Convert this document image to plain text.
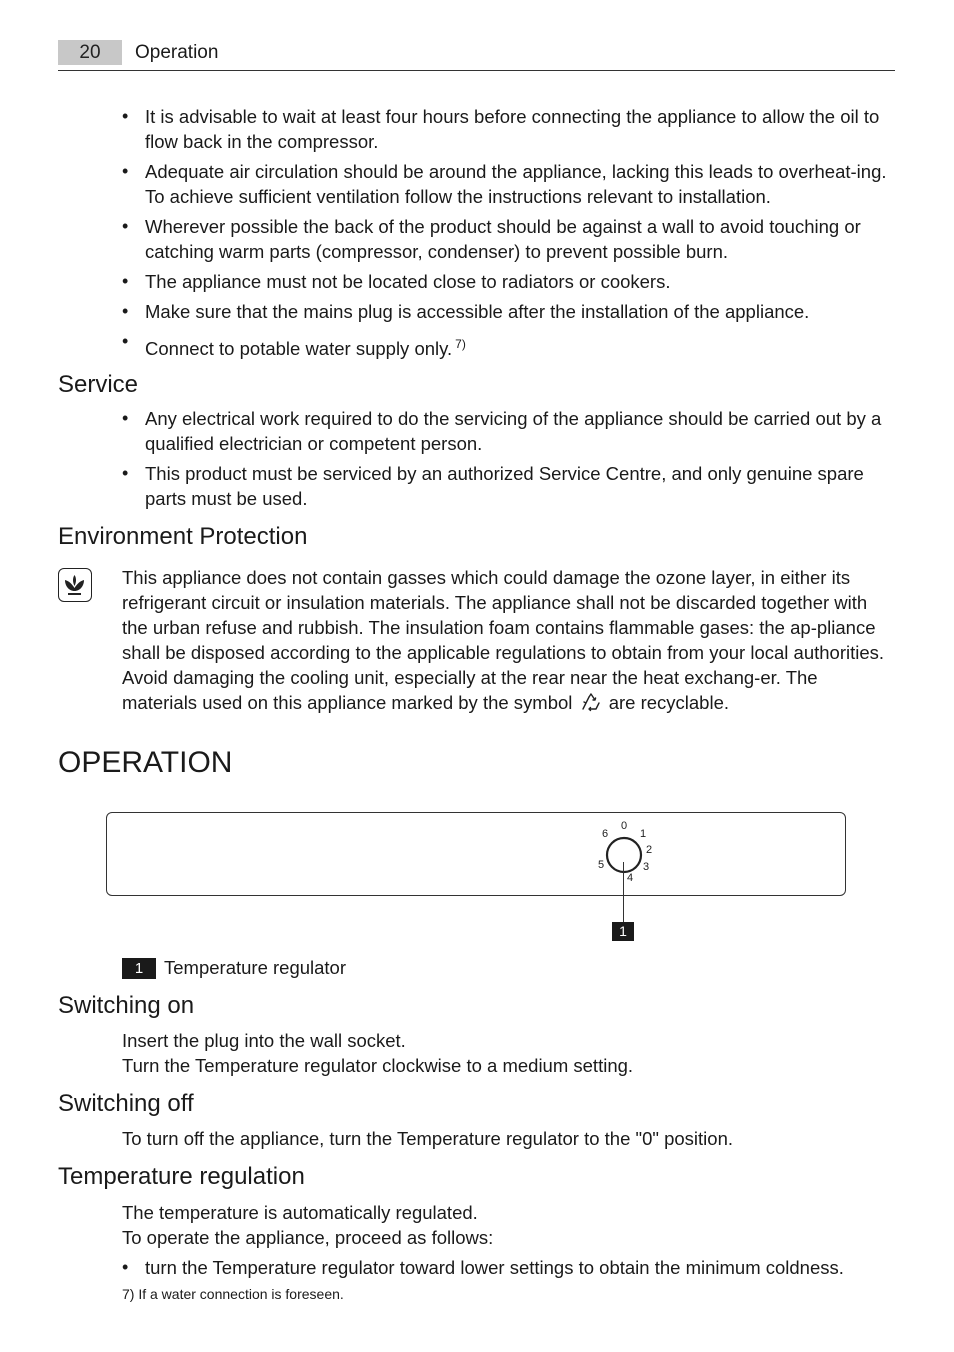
20	Operation
• It is advisable to wait at least four hours before connecting the appliance to allow the oil to flow back in the compressor.
• Adequate air circulation should be around the appliance, lacking this leads to overheat-ing. To achieve sufficient ventilation follow the instructions relevant to installation.
• Wherever possible the back of the product should be against a wall to avoid touching or catching warm parts (compressor, condenser) to prevent possible burn.
• The appliance must not be located close to radiators or cookers.
• Make sure that the mains plug is accessible after the installation of the appliance.
• Connect to potable water supply only. $^{7)}$
Service
• Any electrical work required to do the servicing of the appliance should be carried out by a qualified electrician or competent person.
• This product must be serviced by an authorized Service Centre, and only genuine spare parts must be used.
Environment Protection

This appliance does not contain gasses which could damage the ozone layer, in either its refrigerant circuit or insulation materials. The appliance shall not be discarded together with the urban refuse and rubbish. The insulation foam contains flammable gases: the ap-pliance shall be disposed according to the applicable regulations to obtain from your local authorities. Avoid damaging the cooling unit, especially at the rear near the heat exchang-er. The materials used on this appliance marked by the symbol are recyclable.

OPERATION
0
1
2
3
4
5
6
1
1	Temperature regulator
Switching on

Insert the plug into the wall socket.

Turn the Temperature regulator clockwise to a medium setting.

Switching off

To turn off the appliance, turn the Temperature regulator to the "0" position.

Temperature regulation

The temperature is automatically regulated.

To operate the appliance, proceed as follows:

• turn the Temperature regulator toward lower settings to obtain the minimum coldness.
7) If a water connection is foreseen.
